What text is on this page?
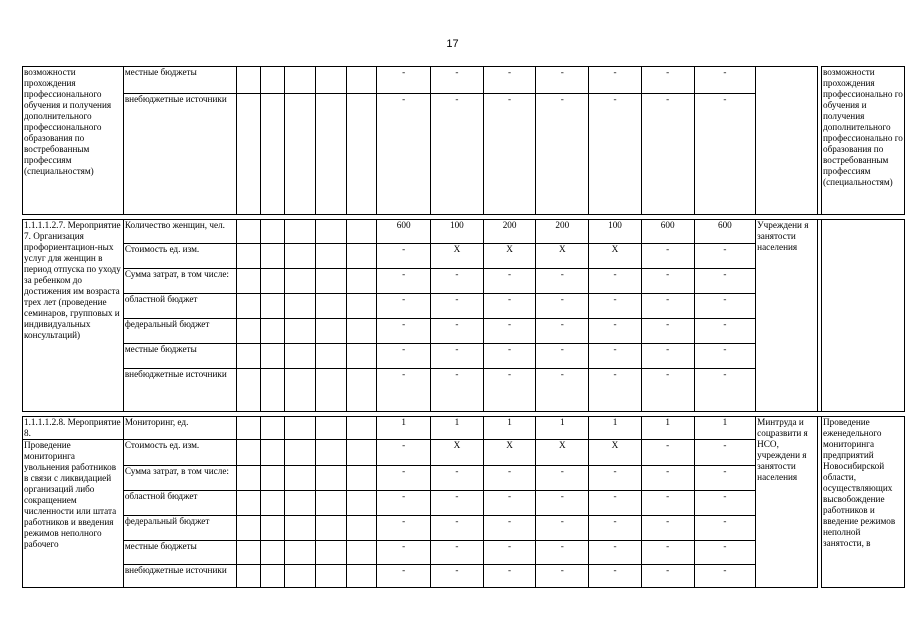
17
возможности прохождения профессионального обучения и получения дополнительного профессионального образования по востребованным профессиям (специальностям)	местные бюджеты						-	-	-	-	-	-	-			возможности прохождения профессионально го обучения и получения дополнительного профессионально го образования по востребованным профессиям (специальностям)
	внебюджетные источники						-	-	-	-	-	-	-			

1.1.1.1.2.7. Мероприятие 7. Организация профориентацион-ных услуг для женщин в период отпуска по уходу за ребенком до достижения им возраста трех лет (проведение семинаров, групповых и индивидуальных консультаций)	Количество женщин, чел.						600	100	200	200	100	600	600	Учреждени я занятости населения		
	Стоимость ед. изм.						-	X	X	X	X	-	-			
	Сумма затрат, в том числе:						-	-	-	-	-	-	-			
	областной бюджет						-	-	-	-	-	-	-			
	федеральный бюджет						-	-	-	-	-	-	-			
	местные бюджеты						-	-	-	-	-	-	-			
	внебюджетные источники						-	-	-	-	-	-	-			

1.1.1.1.2.8. Мероприятие 8.	Мониторинг, ед.						1	1	1	1	1	1	1	Минтруда и соцразвити я НСО, учреждени я занятости населения		Проведение еженедельного мониторинга предприятий Новосибирской области, осуществляющих высвобождение работников и введение режимов неполной занятости, в
Проведение мониторинга увольнения работников в связи с ликвидацией организаций либо сокращением численности или штата работников и введения режимов неполного рабочего	Стоимость ед. изм.						-	X	X	X	X	-	-			
	Сумма затрат, в том числе:						-	-	-	-	-	-	-			
	областной бюджет						-	-	-	-	-	-	-			
	федеральный бюджет						-	-	-	-	-	-	-			
	местные бюджеты						-	-	-	-	-	-	-			
	внебюджетные источники						-	-	-	-	-	-	-			
